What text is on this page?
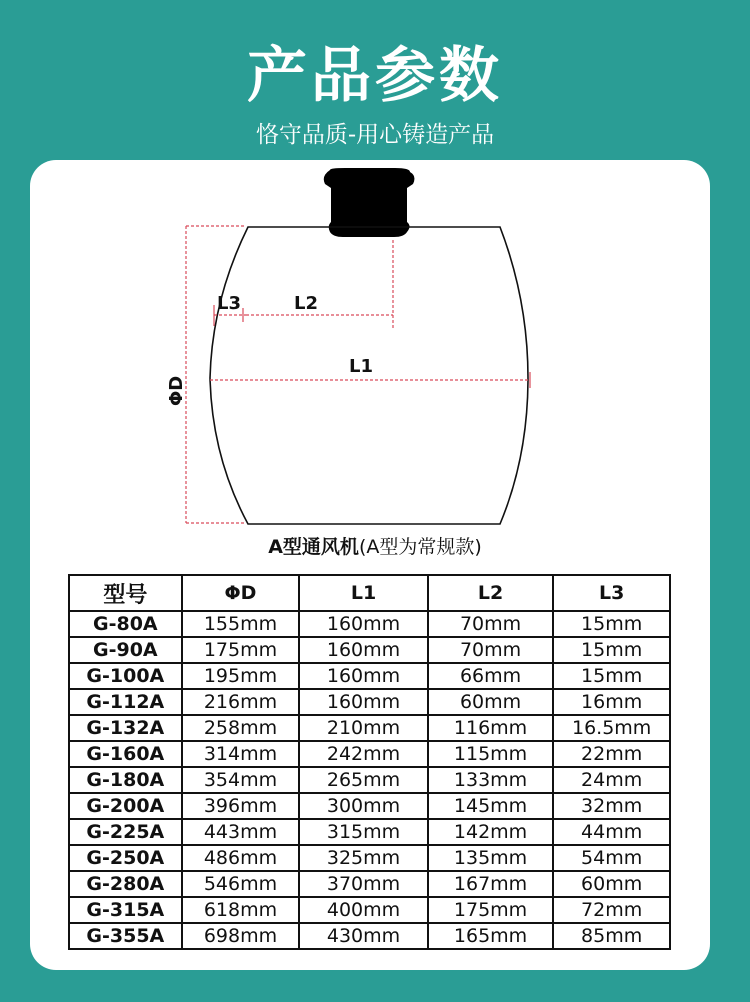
产品参数
恪守品质-用心铸造产品
L3	L2
L1
ΦD
A型通风机(A型为常规款)
型号	ΦD	L1	L2	L3
G-80A	155mm	160mm	70mm	15mm
G-90A	175mm	160mm	70mm	15mm
G-100A	195mm	160mm	66mm	15mm
G-112A	216mm	160mm	60mm	16mm
G-132A	258mm	210mm	116mm	16.5mm
G-160A	314mm	242mm	115mm	22mm
G-180A	354mm	265mm	133mm	24mm
G-200A	396mm	300mm	145mm	32mm
G-225A	443mm	315mm	142mm	44mm
G-250A	486mm	325mm	135mm	54mm
G-280A	546mm	370mm	167mm	60mm
G-315A	618mm	400mm	175mm	72mm
G-355A	698mm	430mm	165mm	85mm
